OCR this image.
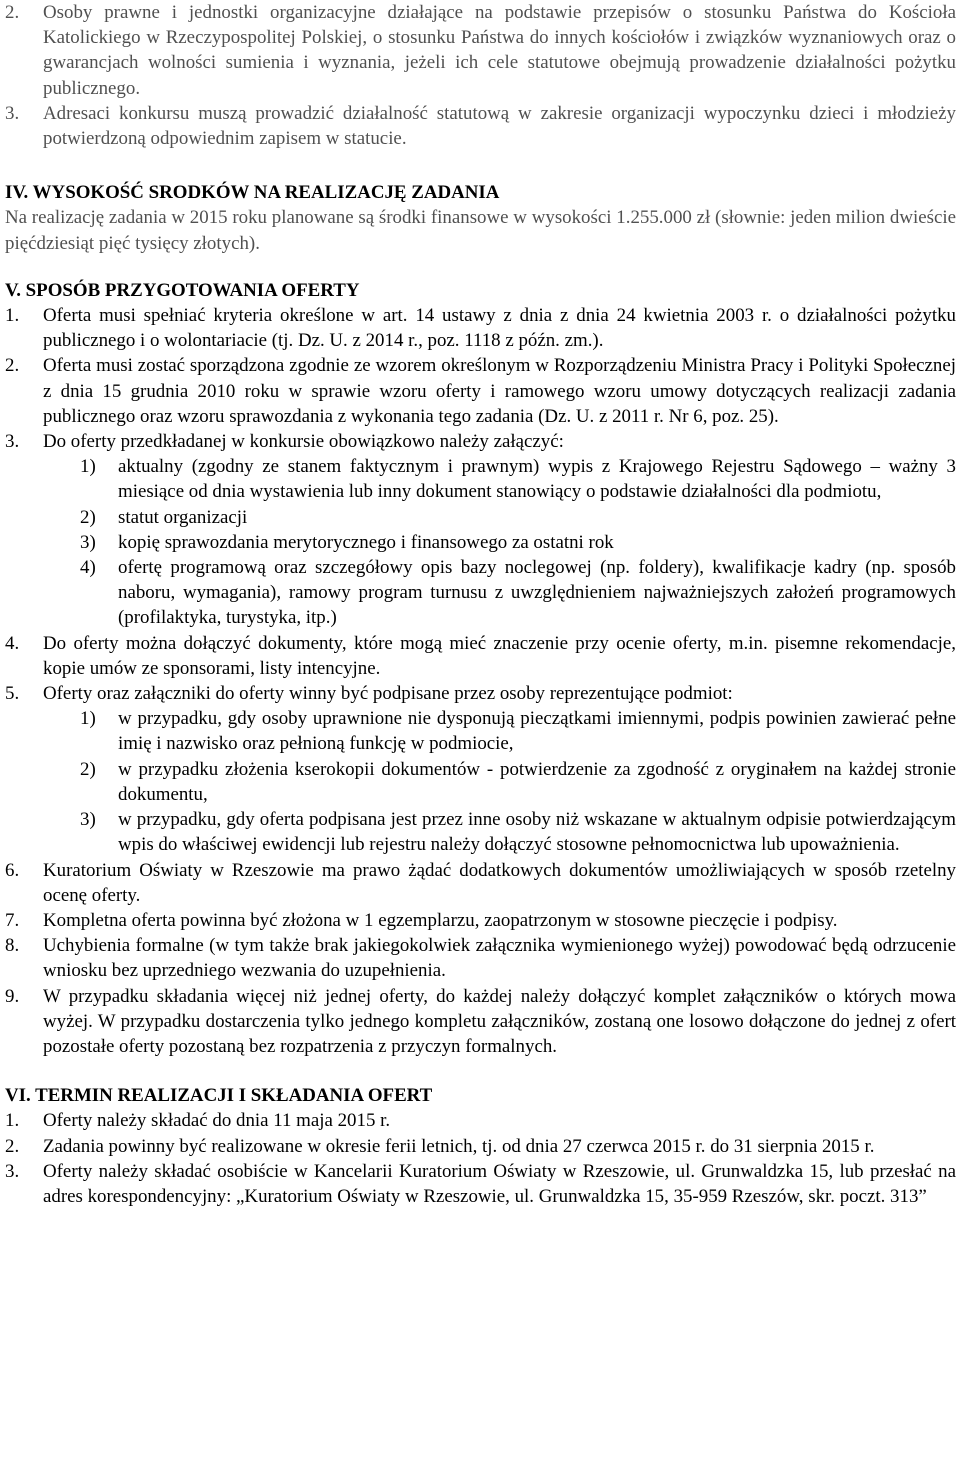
2.	Osoby prawne i jednostki organizacyjne działające na podstawie przepisów o stosunku Państwa do Kościoła Katolickiego w Rzeczypospolitej Polskiej, o stosunku Państwa do innych kościołów i związków wyznaniowych oraz o gwarancjach wolności sumienia i wyznania, jeżeli ich cele statutowe obejmują prowadzenie działalności pożytku publicznego.

3.	Adresaci konkursu muszą prowadzić działalność statutową w zakresie organizacji wypoczynku dzieci i młodzieży potwierdzoną odpowiednim zapisem w statucie.

IV. WYSOKOŚĆ SRODKÓW NA REALIZACJĘ ZADANIA

Na realizację zadania w 2015 roku planowane są środki finansowe w wysokości 1.255.000 zł (słownie: jeden milion dwieście pięćdziesiąt pięć tysięcy złotych).

V. SPOSÓB PRZYGOTOWANIA OFERTY
1.	Oferta musi spełniać kryteria określone w art. 14 ustawy z dnia z dnia 24 kwietnia 2003 r. o działalności pożytku publicznego i o wolontariacie (tj. Dz. U. z 2014 r., poz. 1118 z późn. zm.).

2.	Oferta musi zostać sporządzona zgodnie ze wzorem określonym w Rozporządzeniu Ministra Pracy i Polityki Społecznej z dnia 15 grudnia 2010 roku w sprawie wzoru oferty i ramowego wzoru umowy dotyczących realizacji zadania publicznego oraz wzoru sprawozdania z wykonania tego zadania (Dz. U. z 2011 r. Nr 6, poz. 25).

3.	Do oferty przedkładanej w konkursie obowiązkowo należy załączyć:

1)	aktualny (zgodny ze stanem faktycznym i prawnym) wypis z Krajowego Rejestru Sądowego – ważny 3 miesiące od dnia wystawienia lub inny dokument stanowiący o podstawie działalności dla podmiotu,

2)	statut organizacji

3)	kopię sprawozdania merytorycznego i finansowego za ostatni rok

4)	ofertę programową oraz szczegółowy opis bazy noclegowej (np. foldery), kwalifikacje kadry (np. sposób naboru, wymagania), ramowy program turnusu z uwzględnieniem najważniejszych założeń programowych (profilaktyka, turystyka, itp.)

4.	Do oferty można dołączyć dokumenty, które mogą mieć znaczenie przy ocenie oferty, m.in. pisemne rekomendacje, kopie umów ze sponsorami, listy intencyjne.

5.	Oferty oraz załączniki do oferty winny być podpisane przez osoby reprezentujące podmiot:

1)	w przypadku, gdy osoby uprawnione nie dysponują pieczątkami imiennymi, podpis powinien zawierać pełne imię i nazwisko oraz pełnioną funkcję w podmiocie,

2)	w przypadku złożenia kserokopii dokumentów - potwierdzenie za zgodność z oryginałem na każdej stronie dokumentu,

3)	w przypadku, gdy oferta podpisana jest przez inne osoby niż wskazane w aktualnym odpisie potwierdzającym wpis do właściwej ewidencji lub rejestru należy dołączyć stosowne pełnomocnictwa lub upoważnienia.

6.	Kuratorium Oświaty w Rzeszowie ma prawo żądać dodatkowych dokumentów umożliwiających w sposób rzetelny ocenę oferty.

7.	Kompletna oferta powinna być złożona w 1 egzemplarzu, zaopatrzonym w stosowne pieczęcie i podpisy.

8.	Uchybienia formalne (w tym także brak jakiegokolwiek załącznika wymienionego wyżej) powodować będą odrzucenie wniosku bez uprzedniego wezwania do uzupełnienia.

9.	W przypadku składania więcej niż jednej oferty, do każdej należy dołączyć komplet załączników o których mowa wyżej. W przypadku dostarczenia tylko jednego kompletu załączników, zostaną one losowo dołączone do jednej z ofert pozostałe oferty pozostaną bez rozpatrzenia z przyczyn formalnych.

VI. TERMIN REALIZACJI I SKŁADANIA OFERT
1.	Oferty należy składać do dnia 11 maja 2015 r.

2.	Zadania powinny być realizowane w okresie ferii letnich, tj. od dnia 27 czerwca 2015 r. do 31 sierpnia 2015 r.

3.	Oferty należy składać osobiście w Kancelarii Kuratorium Oświaty w Rzeszowie, ul. Grunwaldzka 15, lub przesłać na adres korespondencyjny: „Kuratorium Oświaty w Rzeszowie, ul. Grunwaldzka 15, 35-959 Rzeszów, skr. poczt. 313”
